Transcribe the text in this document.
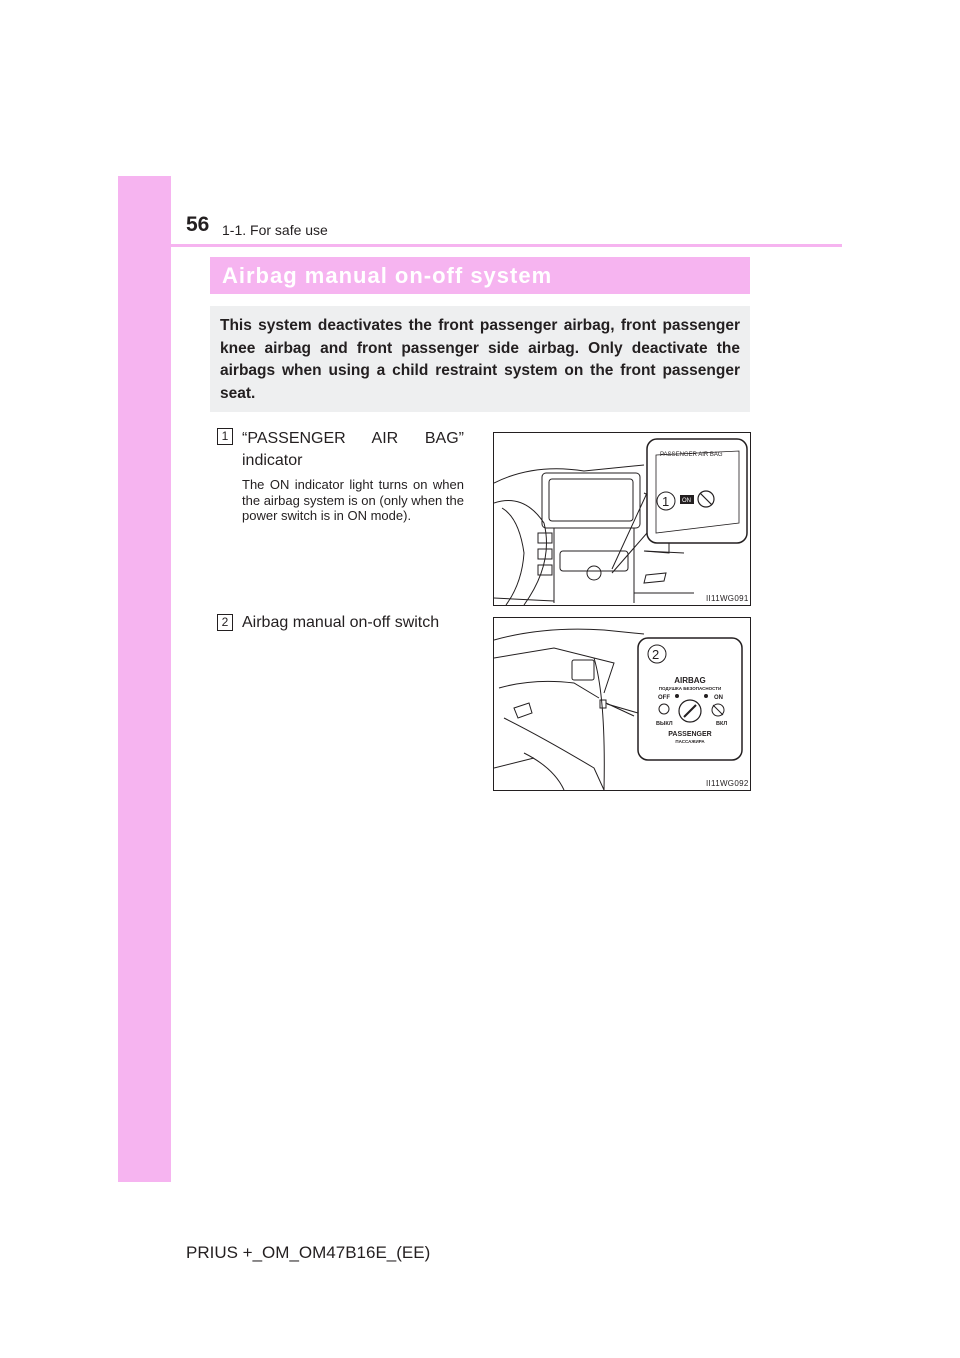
56 1-1. For safe use
Airbag manual on-off system

This system deactivates the front passenger airbag, front passenger knee airbag and front passenger side airbag. Only deactivate the airbags when using a child restraint system on the front passenger seat.

1 “PASSENGER AIR BAG” indicator

The ON indicator light turns on when the airbag system is on (only when the power switch is in ON mode).

2 Airbag manual on-off switch
PASSENGER AIR BAG
1 ON
II11WG091
2
AIRBAG
ПОДУШКА БЕЗОПАСНОСТИ
OFF	ON
ВЫКЛ	ВКЛ
PASSENGER
ПАССАЖИРА
II11WG092
PRIUS +_OM_OM47B16E_(EE)
